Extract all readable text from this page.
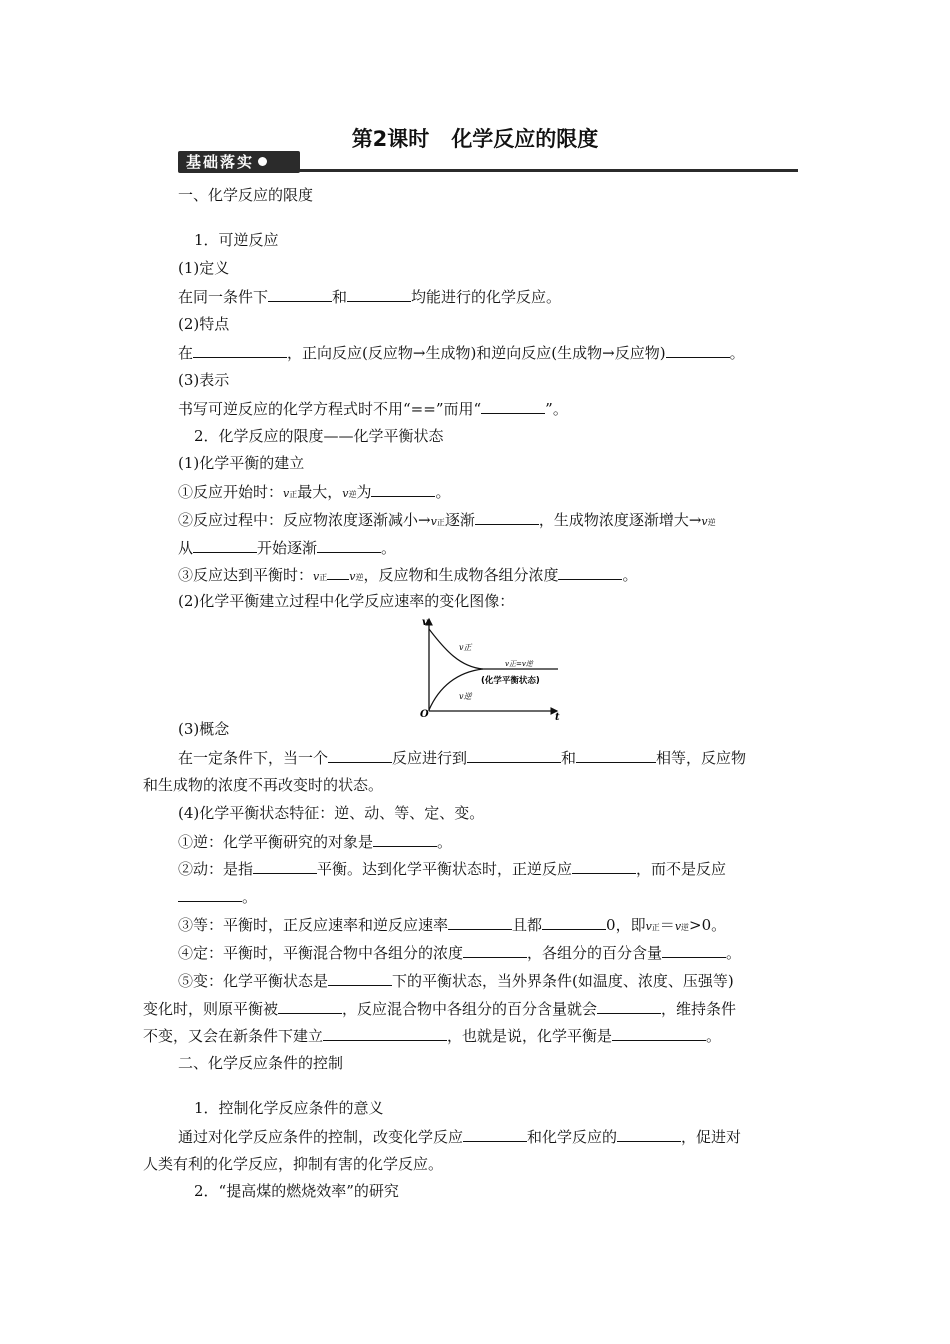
第2课时 化学反应的限度
基础落实
一、化学反应的限度
1．可逆反应
(1)定义
在同一条件下	和	均能进行的化学反应。
(2)特点
在	，正向反应(反应物→生成物)和逆向反应(生成物→反应物)	。
(3)表示
书写可逆反应的化学方程式时不用“==”而用“	”。
2．化学反应的限度——化学平衡状态
(1)化学平衡的建立
①反应开始时：v正最大，v逆为	。
②反应过程中：反应物浓度逐渐减小→v正逐渐	，生成物浓度逐渐增大→v逆
从	开始逐渐	。
③反应达到平衡时：v正 v逆，反应物和生成物各组分浓度	。
(2)化学平衡建立过程中化学反应速率的变化图像：
v
t
O
v正
v逆
v正=v逆
(化学平衡状态)
(3)概念
在一定条件下，当一个	反应进行到	和	相等，反应物
和生成物的浓度不再改变时的状态。
(4)化学平衡状态特征：逆、动、等、定、变。
①逆：化学平衡研究的对象是	。
②动：是指	平衡。达到化学平衡状态时，正逆反应	，而不是反应
。
③等：平衡时，正反应速率和逆反应速率	且都	0，即v正＝v逆>0。
④定：平衡时，平衡混合物中各组分的浓度	，各组分的百分含量	。
⑤变：化学平衡状态是	下的平衡状态，当外界条件(如温度、浓度、压强等)
变化时，则原平衡被	，反应混合物中各组分的百分含量就会	，维持条件
不变，又会在新条件下建立	，也就是说，化学平衡是	。
二、化学反应条件的控制
1．控制化学反应条件的意义
通过对化学反应条件的控制，改变化学反应	和化学反应的	，促进对
人类有利的化学反应，抑制有害的化学反应。
2．“提高煤的燃烧效率”的研究
